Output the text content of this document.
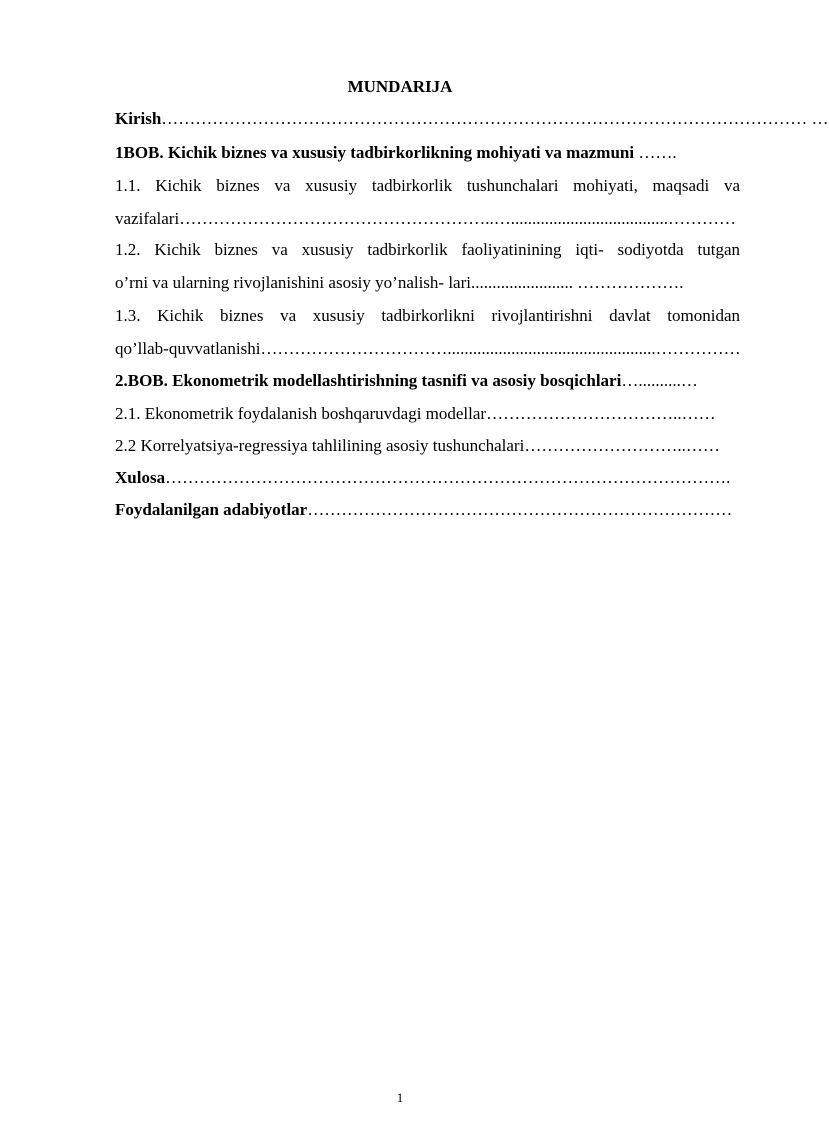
MUNDARIJA
Kirish…………………………………………………………………………………………………… …
1BOB. Kichik biznes va xususiy tadbirkorlikning mohiyati va mazmuni …….
1.1. Kichik biznes va xususiy tadbirkorlik tushunchalari mohiyati, maqsadi va
vazifalari………………………………………………..….....................................…………
1.2. Kichik biznes va xususiy tadbirkorlik faoliyatinining iqti- sodiyotda tutgan
o’rni va ularning rivojlanishini asosiy yo’nalish- lari........................ ……………….
1.3. Kichik biznes va xususiy tadbirkorlikni rivojlantirishni davlat tomonidan
qo’llab-quvvatlanishi…………………………….................................................……………
2.BOB. Ekonometrik modellashtirishning tasnifi va asosiy bosqichlari…..........…
2.1. Ekonometrik foydalanish boshqaruvdagi modellar……………………………..……
2.2 Korrelyatsiya-regressiya tahlilining asosiy tushunchalari………………………..……
Xulosa……………………………………………………………………………………….
Foydalanilgan adabiyotlar…………………………………………………………………
1
